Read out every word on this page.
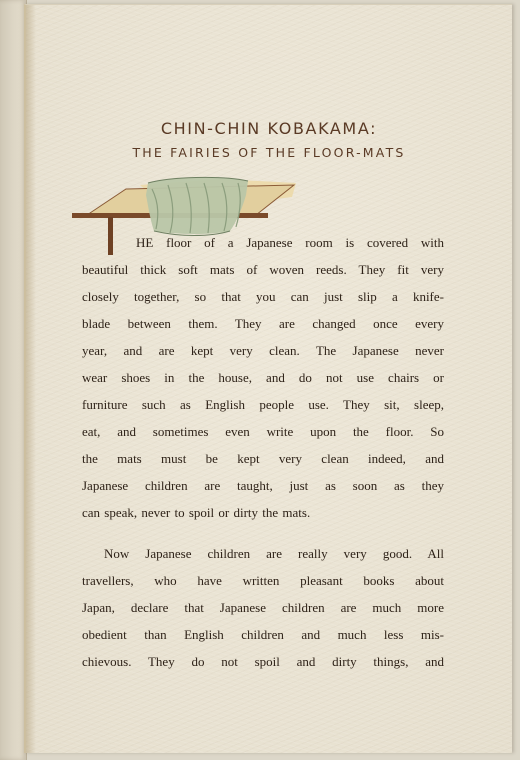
CHIN-CHIN KOBAKAMA:
THE FAIRIES OF THE FLOOR-MATS
HE floor of a Japanese room is covered with
beautiful thick soft mats of woven reeds. They fit very
closely together, so that you can just slip a knife-
blade between them. They are changed once every
year, and are kept very clean. The Japanese never
wear shoes in the house, and do not use chairs or
furniture such as English people use. They sit, sleep,
eat, and sometimes even write upon the floor. So
the mats must be kept very clean indeed, and
Japanese children are taught, just as soon as they
can speak, never to spoil or dirty the mats.
Now Japanese children are really very good. All
travellers, who have written pleasant books about
Japan, declare that Japanese children are much more
obedient than English children and much less mis-
chievous. They do not spoil and dirty things, and
